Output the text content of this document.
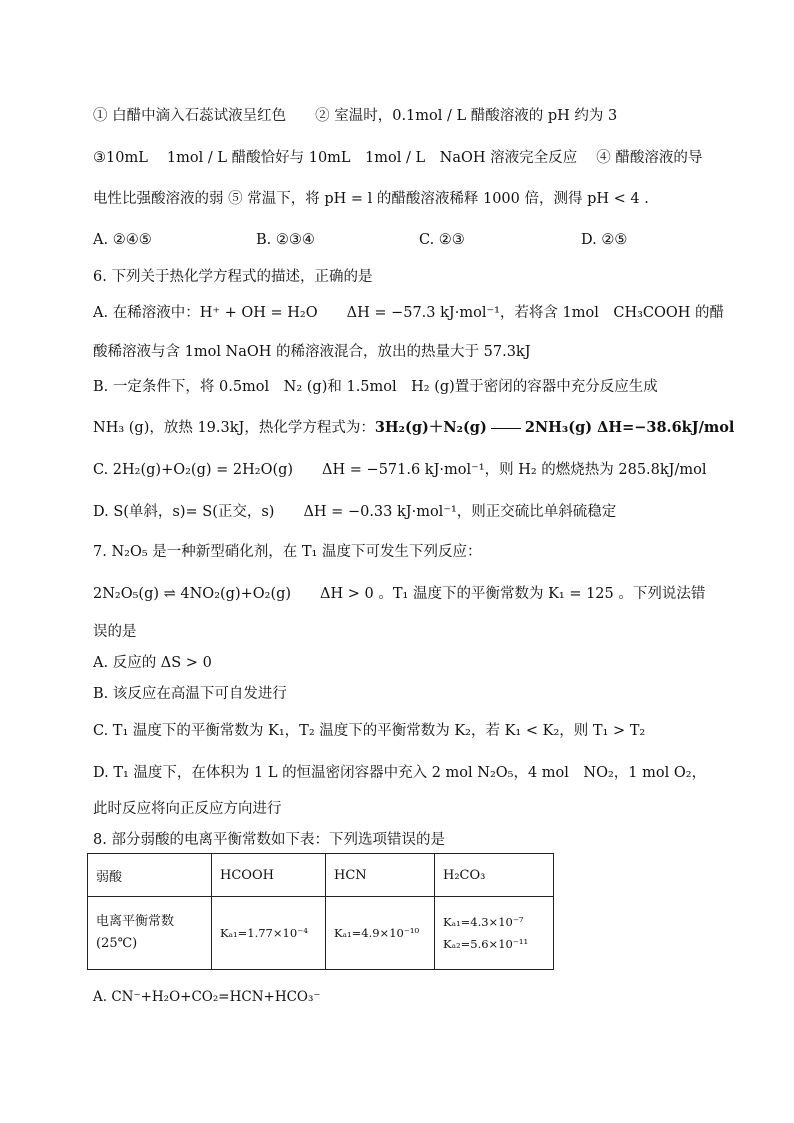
① 白醋中滴入石蕊试液呈红色　　② 室温时，0.1mol / L 醋酸溶液的 pH 约为 3
③10mL　 1mol / L 醋酸恰好与 10mL　1mol / L　NaOH 溶液完全反应　 ④ 醋酸溶液的导
电性比强酸溶液的弱 ⑤ 常温下，将 pH = l 的醋酸溶液稀释 1000 倍，测得 pH < 4 .
A. ②④⑤	B. ②③④	C. ②③	D. ②⑤
6. 下列关于热化学方程式的描述，正确的是
A. 在稀溶液中：H⁺ + OH = H₂O　　ΔH = −57.3 kJ·mol⁻¹，若将含 1mol　CH₃COOH 的醋
酸稀溶液与含 1mol NaOH 的稀溶液混合，放出的热量大于 57.3kJ
B. 一定条件下，将 0.5mol　N₂ (g)和 1.5mol　H₂ (g)置于密闭的容器中充分反应生成
NH₃ (g)，放热 19.3kJ，热化学方程式为：3H₂(g)＋N₂(g)	2NH₃(g) ΔH=−38.6kJ/mol
C. 2H₂(g)+O₂(g) = 2H₂O(g)　　ΔH = −571.6 kJ·mol⁻¹，则 H₂ 的燃烧热为 285.8kJ/mol
D. S(单斜，s)= S(正交，s)　　ΔH = −0.33 kJ·mol⁻¹，则正交硫比单斜硫稳定
7. N₂O₅ 是一种新型硝化剂，在 T₁ 温度下可发生下列反应：
2N₂O₅(g) ⇌ 4NO₂(g)+O₂(g)　　ΔH > 0 。T₁ 温度下的平衡常数为 K₁ = 125 。下列说法错
误的是
A. 反应的 ΔS > 0
B. 该反应在高温下可自发进行
C. T₁ 温度下的平衡常数为 K₁，T₂ 温度下的平衡常数为 K₂，若 K₁ < K₂，则 T₁ > T₂
D. T₁ 温度下，在体积为 1 L 的恒温密闭容器中充入 2 mol N₂O₅，4 mol　NO₂，1 mol O₂，
此时反应将向正反应方向进行
8. 部分弱酸的电离平衡常数如下表：下列选项错误的是
弱酸	HCOOH	HCN	H₂CO₃

电离平衡常数
(25℃)	Kₐ₁=1.77×10⁻⁴	Kₐ₁=4.9×10⁻¹⁰	Kₐ₁=4.3×10⁻⁷
Kₐ₂=5.6×10⁻¹¹
A. CN⁻+H₂O+CO₂=HCN+HCO₃⁻
